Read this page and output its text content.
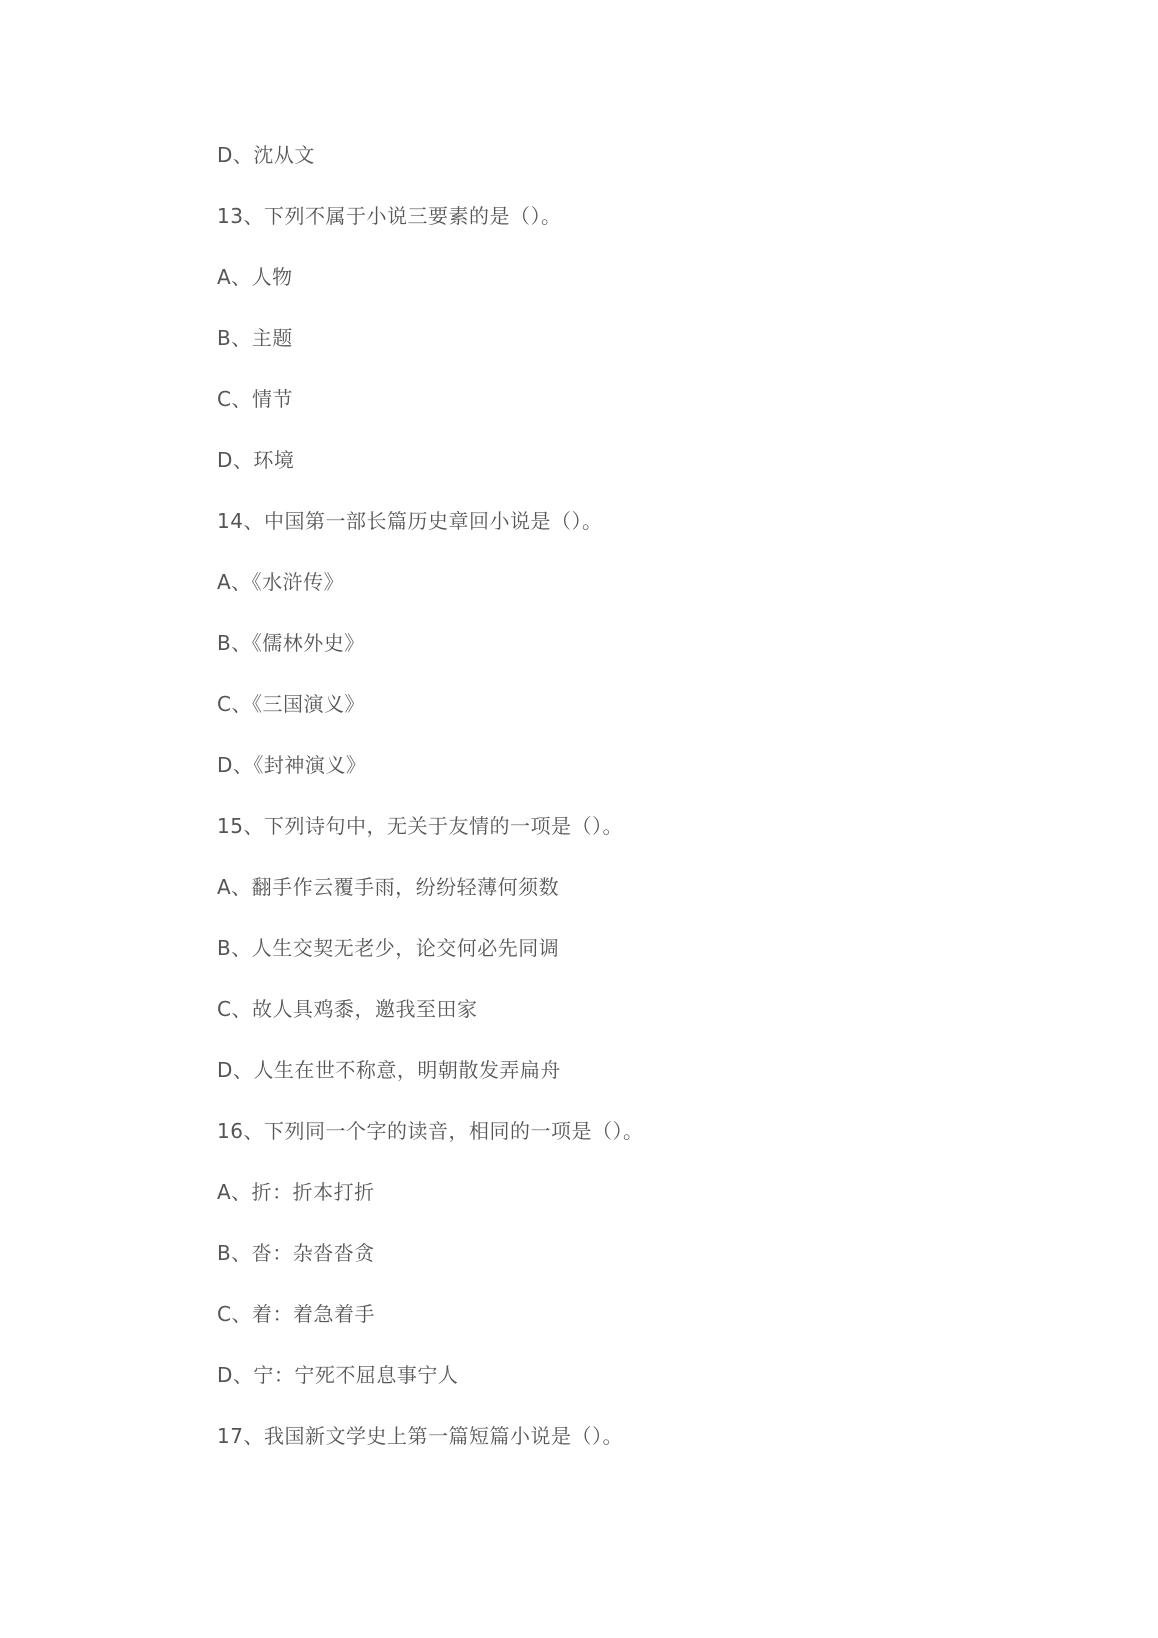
D、沈从文
13、下列不属于小说三要素的是（）。
A、人物
B、主题
C、情节
D、环境
14、中国第一部长篇历史章回小说是（）。
A、《水浒传》
B、《儒林外史》
C、《三国演义》
D、《封神演义》
15、下列诗句中，无关于友情的一项是（）。
A、翻手作云覆手雨，纷纷轻薄何须数
B、人生交契无老少，论交何必先同调
C、故人具鸡黍，邀我至田家
D、人生在世不称意，明朝散发弄扁舟
16、下列同一个字的读音，相同的一项是（）。
A、折：折本打折
B、沓：杂沓沓贪
C、着：着急着手
D、宁：宁死不屈息事宁人
17、我国新文学史上第一篇短篇小说是（）。
